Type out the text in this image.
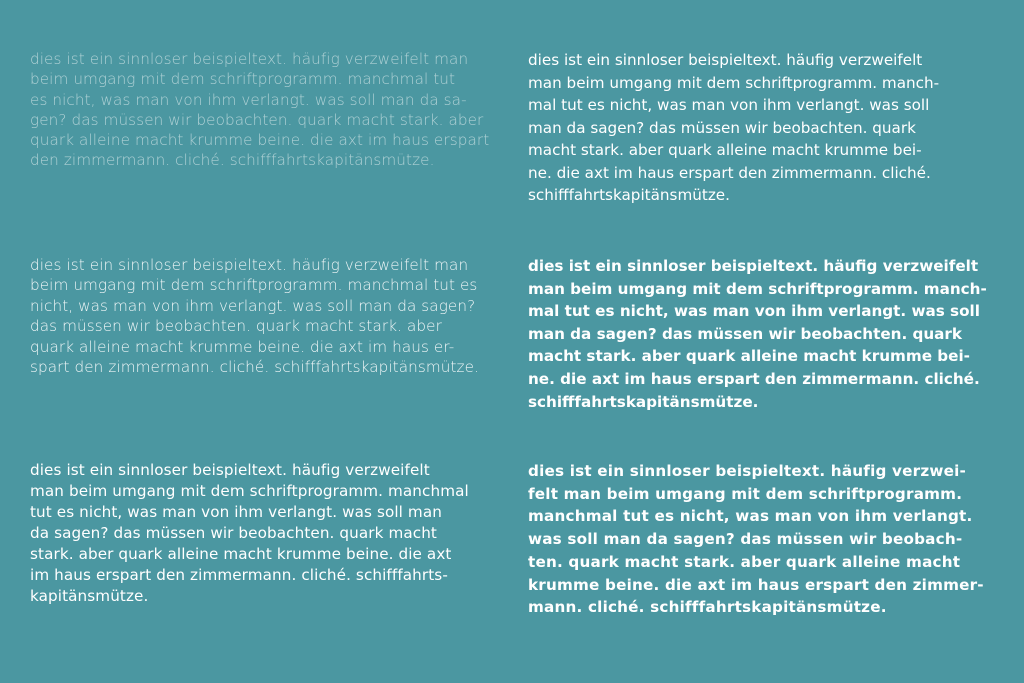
dies ist ein sinnloser beispieltext. häufig verzweifelt man
beim umgang mit dem schriftprogramm. manchmal tut
es nicht, was man von ihm verlangt. was soll man da sa-
gen? das müssen wir beobachten. quark macht stark. aber
quark alleine macht krumme beine. die axt im haus erspart
den zimmermann. cliché. schifffahrtskapitänsmütze.

dies ist ein sinnloser beispieltext. häufig verzweifelt man
beim umgang mit dem schriftprogramm. manchmal tut es
nicht, was man von ihm verlangt. was soll man da sagen?
das müssen wir beobachten. quark macht stark. aber
quark alleine macht krumme beine. die axt im haus er-
spart den zimmermann. cliché. schifffahrtskapitänsmütze.

dies ist ein sinnloser beispieltext. häufig verzweifelt
man beim umgang mit dem schriftprogramm. manchmal
tut es nicht, was man von ihm verlangt. was soll man
da sagen? das müssen wir beobachten. quark macht
stark. aber quark alleine macht krumme beine. die axt
im haus erspart den zimmermann. cliché. schifffahrts-
kapitänsmütze.

dies ist ein sinnloser beispieltext. häufig verzweifelt
man beim umgang mit dem schriftprogramm. manch-
mal tut es nicht, was man von ihm verlangt. was soll
man da sagen? das müssen wir beobachten. quark
macht stark. aber quark alleine macht krumme bei-
ne. die axt im haus erspart den zimmermann. cliché.
schifffahrtskapitänsmütze.

dies ist ein sinnloser beispieltext. häufig verzweifelt
man beim umgang mit dem schriftprogramm. manch-
mal tut es nicht, was man von ihm verlangt. was soll
man da sagen? das müssen wir beobachten. quark
macht stark. aber quark alleine macht krumme bei-
ne. die axt im haus erspart den zimmermann. cliché.
schifffahrtskapitänsmütze.

dies ist ein sinnloser beispieltext. häufig verzwei-
felt man beim umgang mit dem schriftprogramm.
manchmal tut es nicht, was man von ihm verlangt.
was soll man da sagen? das müssen wir beobach-
ten. quark macht stark. aber quark alleine macht
krumme beine. die axt im haus erspart den zimmer-
mann. cliché. schifffahrtskapitänsmütze.
